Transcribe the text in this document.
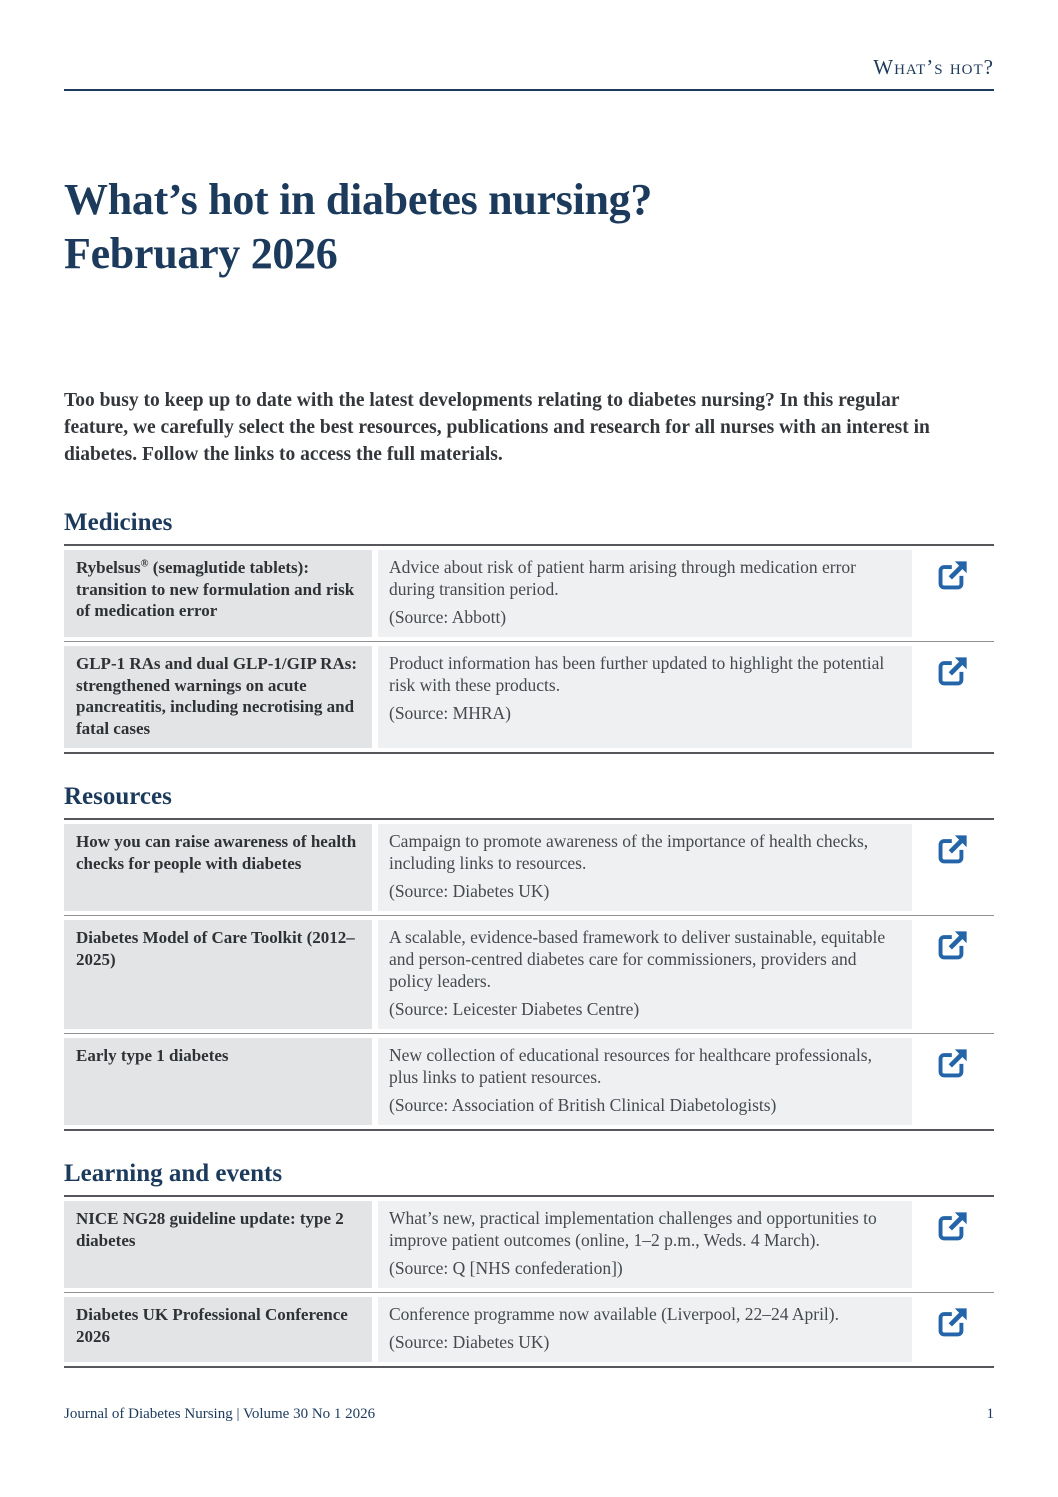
What’s hot?
What’s hot in diabetes nursing?
February 2026

Too busy to keep up to date with the latest developments relating to diabetes nursing? In this regular feature, we carefully select the best resources, publications and research for all nurses with an interest in diabetes. Follow the links to access the full materials.

Medicines
Rybelsus® (semaglutide tablets): transition to new formulation and risk of medication error
Advice about risk of patient harm arising through medication error during transition period.
(Source: Abbott)
GLP-1 RAs and dual GLP-1/GIP RAs: strengthened warnings on acute pancreatitis, including necrotising and fatal cases
Product information has been further updated to highlight the potential risk with these products.
(Source: MHRA)
Resources
How you can raise awareness of health checks for people with diabetes
Campaign to promote awareness of the importance of health checks, including links to resources.
(Source: Diabetes UK)
Diabetes Model of Care Toolkit (2012–2025)
A scalable, evidence-based framework to deliver sustainable, equitable and person-centred diabetes care for commissioners, providers and policy leaders.
(Source: Leicester Diabetes Centre)
Early type 1 diabetes	New collection of educational resources for healthcare professionals, plus links to patient resources.
(Source: Association of British Clinical Diabetologists)
Learning and events
NICE NG28 guideline update: type 2 diabetes
What’s new, practical implementation challenges and opportunities to improve patient outcomes (online, 1–2 p.m., Weds. 4 March).
(Source: Q [NHS confederation])
Diabetes UK Professional Conference 2026
Conference programme now available (Liverpool, 22–24 April).
(Source: Diabetes UK)
Journal of Diabetes Nursing | Volume 30 No 1 2026	1
